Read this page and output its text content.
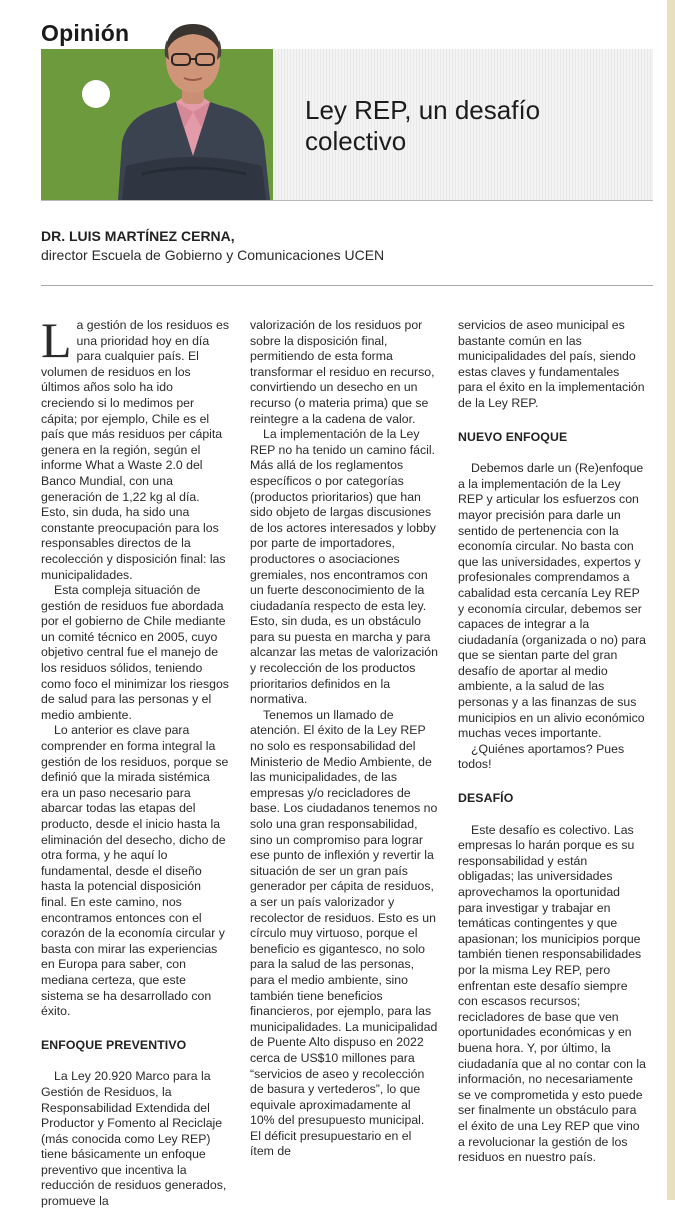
Opinión
Ley REP, un desafío colectivo
DR. LUIS MARTÍNEZ CERNA,
director Escuela de Gobierno y Comunicaciones UCEN

La gestión de los residuos es una prioridad hoy en día para cualquier país. El volumen de residuos en los últimos años solo ha ido creciendo si lo medimos per cápita; por ejemplo, Chile es el país que más residuos per cápita genera en la región, según el informe What a Waste 2.0 del Banco Mundial, con una generación de 1,22 kg al día. Esto, sin duda, ha sido una constante preocupación para los responsables directos de la recolección y disposición final: las municipalidades.

Esta compleja situación de gestión de residuos fue abordada por el gobierno de Chile mediante un comité técnico en 2005, cuyo objetivo central fue el manejo de los residuos sólidos, teniendo como foco el minimizar los riesgos de salud para las personas y el medio ambiente.

Lo anterior es clave para comprender en forma integral la gestión de los residuos, porque se definió que la mirada sistémica era un paso necesario para abarcar todas las etapas del producto, desde el inicio hasta la eliminación del desecho, dicho de otra forma, y he aquí lo fundamental, desde el diseño hasta la potencial disposición final. En este camino, nos encontramos entonces con el corazón de la economía circular y basta con mirar las experiencias en Europa para saber, con mediana certeza, que este sistema se ha desarrollado con éxito.

ENFOQUE PREVENTIVO

La Ley 20.920 Marco para la Gestión de Residuos, la Responsabilidad Extendida del Productor y Fomento al Reciclaje (más conocida como Ley REP) tiene básicamente un enfoque preventivo que incentiva la reducción de residuos generados, promueve la

valorización de los residuos por sobre la disposición final, permitiendo de esta forma transformar el residuo en recurso, convirtiendo un desecho en un recurso (o materia prima) que se reintegre a la cadena de valor.

La implementación de la Ley REP no ha tenido un camino fácil. Más allá de los reglamentos específicos o por categorías (productos prioritarios) que han sido objeto de largas discusiones de los actores interesados y lobby por parte de importadores, productores o asociaciones gremiales, nos encontramos con un fuerte desconocimiento de la ciudadanía respecto de esta ley. Esto, sin duda, es un obstáculo para su puesta en marcha y para alcanzar las metas de valorización y recolección de los productos prioritarios definidos en la normativa.

Tenemos un llamado de atención. El éxito de la Ley REP no solo es responsabilidad del Ministerio de Medio Ambiente, de las municipalidades, de las empresas y/o recicladores de base. Los ciudadanos tenemos no solo una gran responsabilidad, sino un compromiso para lograr ese punto de inflexión y revertir la situación de ser un gran país generador per cápita de residuos, a ser un país valorizador y recolector de residuos. Esto es un círculo muy virtuoso, porque el beneficio es gigantesco, no solo para la salud de las personas, para el medio ambiente, sino también tiene beneficios financieros, por ejemplo, para las municipalidades. La municipalidad de Puente Alto dispuso en 2022 cerca de US$10 millones para “servicios de aseo y recolección de basura y vertederos”, lo que equivale aproximadamente al 10% del presupuesto municipal. El déficit presupuestario en el ítem de

servicios de aseo municipal es bastante común en las municipalidades del país, siendo estas claves y fundamentales para el éxito en la implementación de la Ley REP.

NUEVO ENFOQUE

Debemos darle un (Re)enfoque a la implementación de la Ley REP y articular los esfuerzos con mayor precisión para darle un sentido de pertenencia con la economía circular. No basta con que las universidades, expertos y profesionales comprendamos a cabalidad esta cercanía Ley REP y economía circular, debemos ser capaces de integrar a la ciudadanía (organizada o no) para que se sientan parte del gran desafío de aportar al medio ambiente, a la salud de las personas y a las finanzas de sus municipios en un alivio económico muchas veces importante.

¿Quiénes aportamos? Pues todos!

DESAFÍO

Este desafío es colectivo. Las empresas lo harán porque es su responsabilidad y están obligadas; las universidades aprovechamos la oportunidad para investigar y trabajar en temáticas contingentes y que apasionan; los municipios porque también tienen responsabilidades por la misma Ley REP, pero enfrentan este desafío siempre con escasos recursos; recicladores de base que ven oportunidades económicas y en buena hora. Y, por último, la ciudadanía que al no contar con la información, no necesariamente se ve comprometida y esto puede ser finalmente un obstáculo para el éxito de una Ley REP que vino a revolucionar la gestión de los residuos en nuestro país.
